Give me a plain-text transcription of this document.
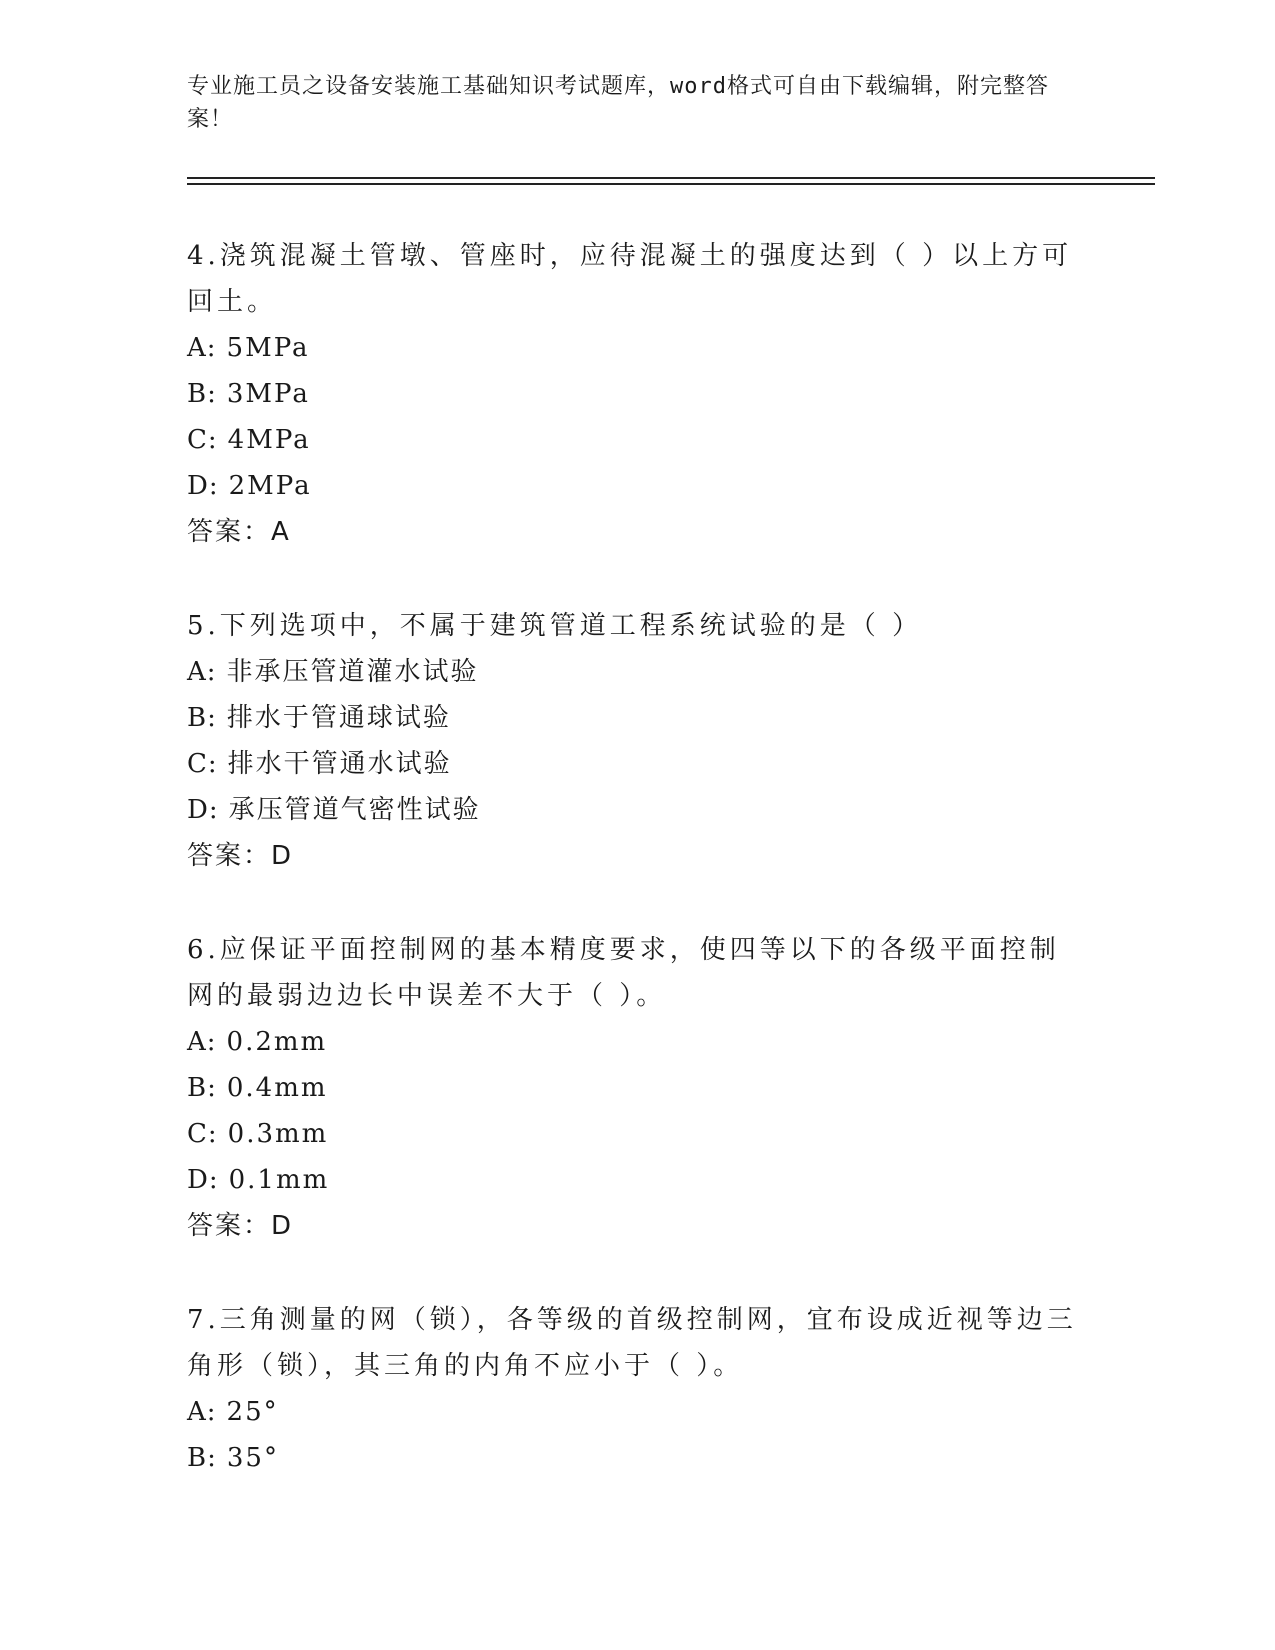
专业施工员之设备安装施工基础知识考试题库，word格式可自由下载编辑，附完整答案！

4.浇筑混凝土管墩、管座时，应待混凝土的强度达到（ ）以上方可回土。

A: 5MPa

B: 3MPa

C: 4MPa

D: 2MPa

答案：A

5.下列选项中，不属于建筑管道工程系统试验的是（ ）

A: 非承压管道灌水试验

B: 排水于管通球试验

C: 排水干管通水试验

D: 承压管道气密性试验

答案：D

6.应保证平面控制网的基本精度要求，使四等以下的各级平面控制网的最弱边边长中误差不大于（ ）。

A: 0.2mm

B: 0.4mm

C: 0.3mm

D: 0.1mm

答案：D

7.三角测量的网（锁），各等级的首级控制网，宜布设成近视等边三角形（锁），其三角的内角不应小于（ ）。

A: 25°

B: 35°
